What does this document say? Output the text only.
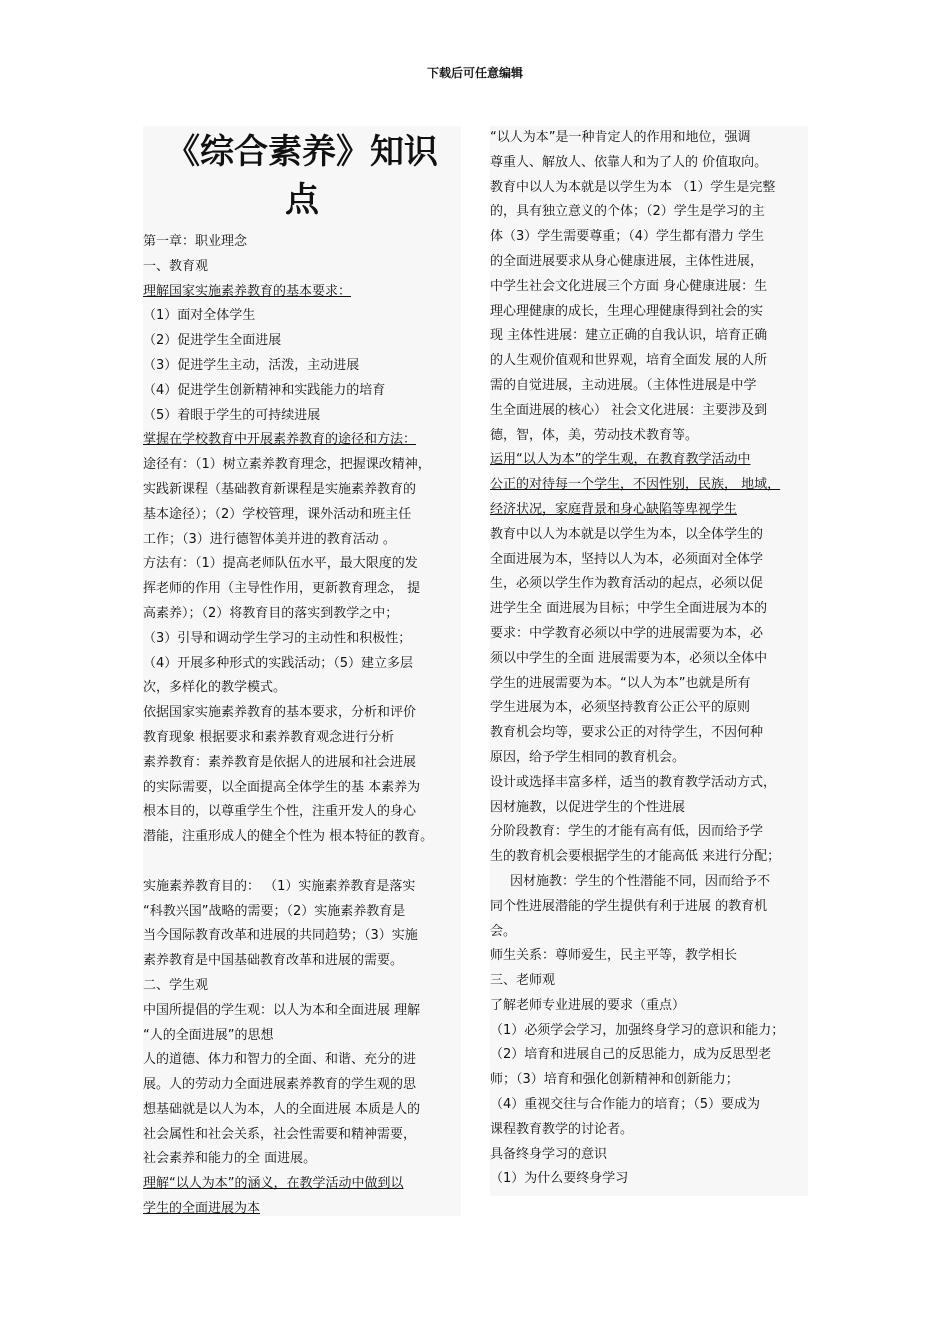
下载后可任意编辑
《综合素养》知识
点
第一章：职业理念
一、教育观
理解国家实施素养教育的基本要求：
（1）面对全体学生
（2）促进学生全面进展
（3）促进学生主动，活泼，主动进展
（4）促进学生创新精神和实践能力的培育
（5）着眼于学生的可持续进展
掌握在学校教育中开展素养教育的途径和方法：
途径有：（1）树立素养教育理念，把握课改精神，
实践新课程（基础教育新课程是实施素养教育的
基本途径）；（2）学校管理，课外活动和班主任
工作；（3）进行德智体美并进的教育活动 。
方法有：（1）提高老师队伍水平，最大限度的发
挥老师的作用（主导性作用，更新教育理念， 提
高素养）；（2）将教育目的落实到教学之中；
（3）引导和调动学生学习的主动性和积极性；
（4）开展多种形式的实践活动；（5）建立多层
次，多样化的教学模式。
依据国家实施素养教育的基本要求，分析和评价
教育现象 根据要求和素养教育观念进行分析
素养教育：素养教育是依据人的进展和社会进展
的实际需要，以全面提高全体学生的基 本素养为
根本目的，以尊重学生个性，注重开发人的身心
潜能，注重形成人的健全个性为 根本特征的教育。
实施素养教育目的： （1）实施素养教育是落实
“科教兴国”战略的需要；（2）实施素养教育是
当今国际教育改革和进展的共同趋势；（3）实施
素养教育是中国基础教育改革和进展的需要。
二、学生观
中国所提倡的学生观：以人为本和全面进展 理解
“人的全面进展”的思想
人的道德、体力和智力的全面、和谐、充分的进
展。人的劳动力全面进展素养教育的学生观的思
想基础就是以人为本，人的全面进展 本质是人的
社会属性和社会关系，社会性需要和精神需要，
社会素养和能力的全 面进展。
理解“以人为本”的涵义，在教学活动中做到以
学生的全面进展为本
“以人为本”是一种肯定人的作用和地位，强调
尊重人、解放人、依靠人和为了人的 价值取向。
教育中以人为本就是以学生为本 （1）学生是完整
的，具有独立意义的个体；（2）学生是学习的主
体（3）学生需要尊重；（4）学生都有潜力 学生
的全面进展要求从身心健康进展，主体性进展，
中学生社会文化进展三个方面 身心健康进展：生
理心理健康的成长，生理心理健康得到社会的实
现 主体性进展：建立正确的自我认识，培育正确
的人生观价值观和世界观，培育全面发 展的人所
需的自觉进展，主动进展。（主体性进展是中学
生全面进展的核心） 社会文化进展：主要涉及到
德，智，体，美，劳动技术教育等。
运用“以人为本”的学生观，在教育教学活动中
公正的对待每一个学生，不因性别，民族， 地域，
经济状况，家庭背景和身心缺陷等卑视学生
教育中以人为本就是以学生为本，以全体学生的
全面进展为本，坚持以人为本，必须面对全体学
生，必须以学生作为教育活动的起点，必须以促
进学生全 面进展为目标；中学生全面进展为本的
要求：中学教育必须以中学的进展需要为本，必
须以中学生的全面 进展需要为本，必须以全体中
学生的进展需要为本。“以人为本”也就是所有
学生进展为本，必须坚持教育公正公平的原则
教育机会均等，要求公正的对待学生，不因何种
原因，给予学生相同的教育机会。
设计或选择丰富多样，适当的教育教学活动方式，
因材施教，以促进学生的个性进展
分阶段教育：学生的才能有高有低，因而给予学
生的教育机会要根据学生的才能高低 来进行分配；
因材施教：学生的个性潜能不同，因而给予不
同个性进展潜能的学生提供有利于进展 的教育机
会。
师生关系：尊师爱生，民主平等，教学相长
三、老师观
了解老师专业进展的要求（重点）
（1）必须学会学习，加强终身学习的意识和能力；
（2）培育和进展自己的反思能力，成为反思型老
师；（3）培育和强化创新精神和创新能力；
（4）重视交往与合作能力的培育；（5）要成为
课程教育教学的讨论者。
具备终身学习的意识
（1）为什么要终身学习
